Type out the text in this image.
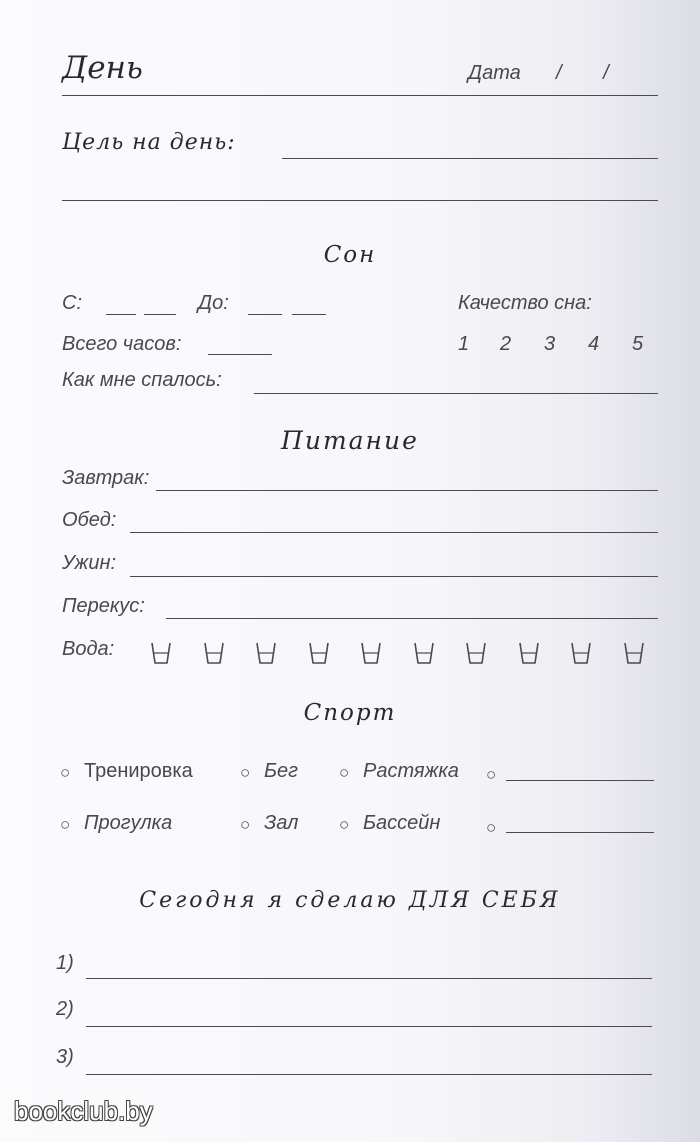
День	Дата / /
Цель на день:
Сон
С:	До:	Качество сна:
1 2 3 4 5
Всего часов:
Как мне спалось:
Питание
Завтрак:
Обед:
Ужин:
Перекус:
Вода:
Спорт
○ Тренировка	○ Бег ○ Растяжка ○
○ Прогулка	○ Зал ○ Бассейн	○
Сегодня я сделаю ДЛЯ СЕБЯ
1)
2)
3)
bookclub.by
